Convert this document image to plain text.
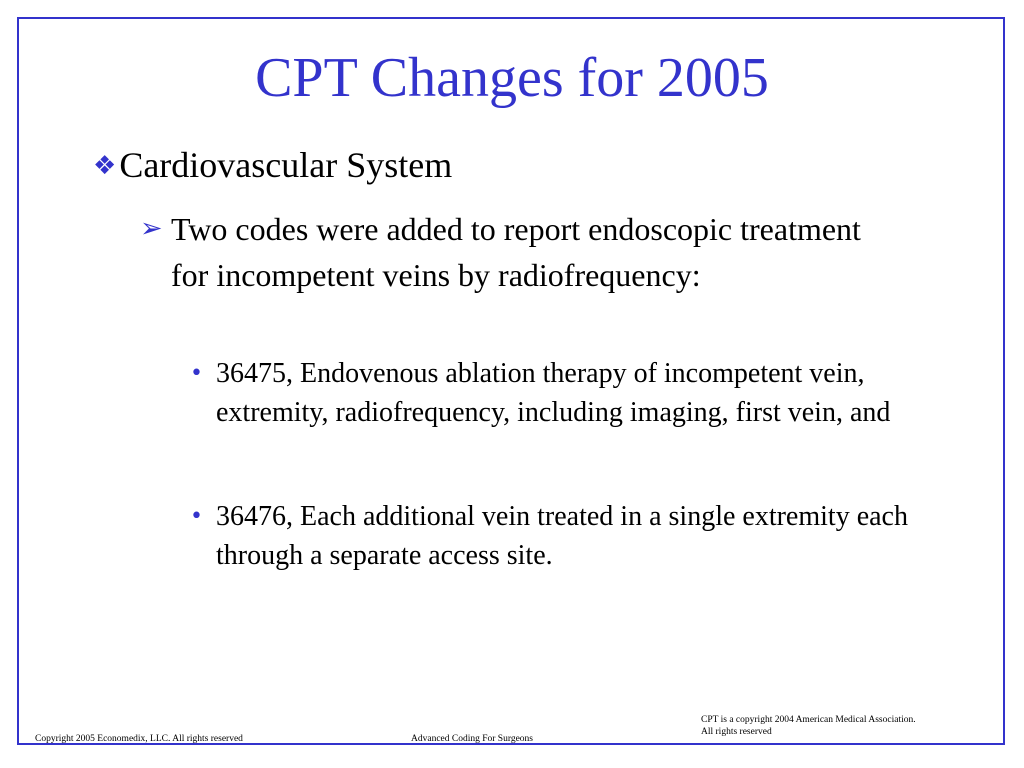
CPT Changes for 2005
❖Cardiovascular System
➢ Two codes were added to report endoscopic treatment for incompetent veins by radiofrequency:
• 36475, Endovenous ablation therapy of incompetent vein, extremity, radiofrequency, including imaging, first vein, and
• 36476, Each additional vein treated in a single extremity each through a separate access site.
Copyright 2005 Economedix, LLC. All rights reserved	Advanced Coding For Surgeons
CPT is a copyright 2004 American Medical Association.
All rights reserved
